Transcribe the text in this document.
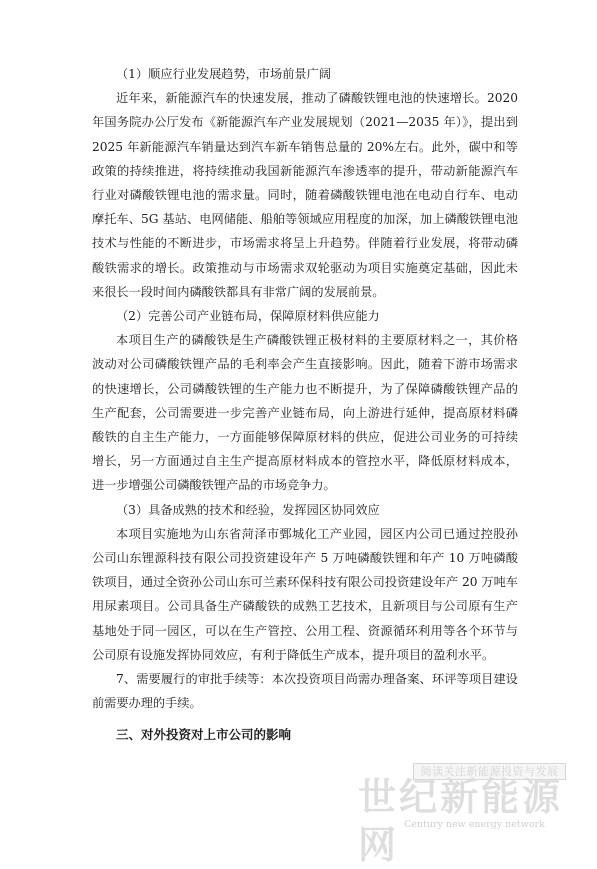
（1）顺应行业发展趋势，市场前景广阔

近年来，新能源汽车的快速发展，推动了磷酸铁锂电池的快速增长。2020 年国务院办公厅发布《新能源汽车产业发展规划（2021—2035 年）》，提出到 2025 年新能源汽车销量达到汽车新车销售总量的 20%左右。此外，碳中和等政策的持续推进，将持续推动我国新能源汽车渗透率的提升，带动新能源汽车行业对磷酸铁锂电池的需求量。同时，随着磷酸铁锂电池在电动自行车、电动摩托车、5G 基站、电网储能、船舶等领域应用程度的加深，加上磷酸铁锂电池技术与性能的不断进步，市场需求将呈上升趋势。伴随着行业发展，将带动磷酸铁需求的增长。政策推动与市场需求双轮驱动为项目实施奠定基础，因此未来很长一段时间内磷酸铁都具有非常广阔的发展前景。

（2）完善公司产业链布局，保障原材料供应能力

本项目生产的磷酸铁是生产磷酸铁锂正极材料的主要原材料之一，其价格波动对公司磷酸铁锂产品的毛利率会产生直接影响。因此，随着下游市场需求的快速增长，公司磷酸铁锂的生产能力也不断提升，为了保障磷酸铁锂产品的生产配套，公司需要进一步完善产业链布局，向上游进行延伸，提高原材料磷酸铁的自主生产能力，一方面能够保障原材料的供应，促进公司业务的可持续增长，另一方面通过自主生产提高原材料成本的管控水平，降低原材料成本，进一步增强公司磷酸铁锂产品的市场竞争力。

（3）具备成熟的技术和经验，发挥园区协同效应

本项目实施地为山东省菏泽市鄄城化工产业园，园区内公司已通过控股孙公司山东锂源科技有限公司投资建设年产 5 万吨磷酸铁锂和年产 10 万吨磷酸铁项目，通过全资孙公司山东可兰素环保科技有限公司投资建设年产 20 万吨车用尿素项目。公司具备生产磷酸铁的成熟工艺技术，且新项目与公司原有生产基地处于同一园区，可以在生产管控、公用工程、资源循环利用等各个环节与公司原有设施发挥协同效应，有利于降低生产成本，提升项目的盈利水平。

7、需要履行的审批手续等：本次投资项目尚需办理备案、环评等项目建设前需要办理的手续。

三、对外投资对上市公司的影响
阅读关注新能源投资与发展
世纪新能源网 Century new energy network
